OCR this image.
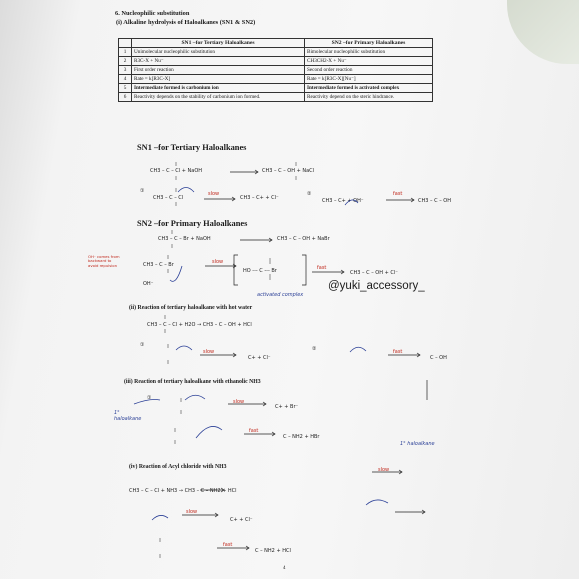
6. Nucleophilic substitution
(i) Alkaline hydrolysis of Haloalkanes (SN1 & SN2)
	SN1 –for Tertiary Haloalkanes	SN2 –for Primary Haloalkanes
1	Unimolecular nucleophilic substitution	Bimolecular nucleophilic substitution
2	R3C-X + Nu⁻	CH3CH2-X + Nu⁻
3	First order reaction	Second order reaction
4	Rate = k[R3C-X]	Rate = k[R3C-X][Nu⁻]
5	Intermediate formed is carbonium ion	Intermediate formed is activated complex
6	Reactivity depends on the stability of carbonium ion formed.	Reactivity depend on the steric hindrance.
SN1 –for Tertiary Haloalkanes
CH3 – C – Cl + NaOH	CH3 – C – OH + NaCl
①
CH3 – C – Cl
slow
CH3 – C+ + Cl⁻
②
CH3 – C+ + OH⁻
fast
CH3 – C – OH
SN2 –for Primary Haloalkanes
CH3 – C – Br + NaOH	CH3 – C – OH + NaBr
OH⁻ comes from
backward to
avoid repulsion	CH3 – C – Br
OH⁻
slow
HO --- C --- Br	fast
CH3 – C – OH + Cl⁻
activated complex
@yuki_accessory_
(ii) Reaction of tertiary haloalkane with hot water
CH3 – C – Cl + H2O → CH3 – C – OH + HCl
①
slow
C+ + Cl⁻
②	fast
C – OH
(iii) Reaction of tertiary haloalkane with ethanolic NH3
1°
haloalkane
①
slow
C+ + Br⁻
fast
C – NH2 + HBr
(iv) Reaction of Acyl chloride with NH3
1° haloalkane
CH3 – C – Cl + NH3 → CH3 – C – NH2 + HCl
slow
C+ + Cl⁻
fast
C – NH2 + HCl
slow
4
